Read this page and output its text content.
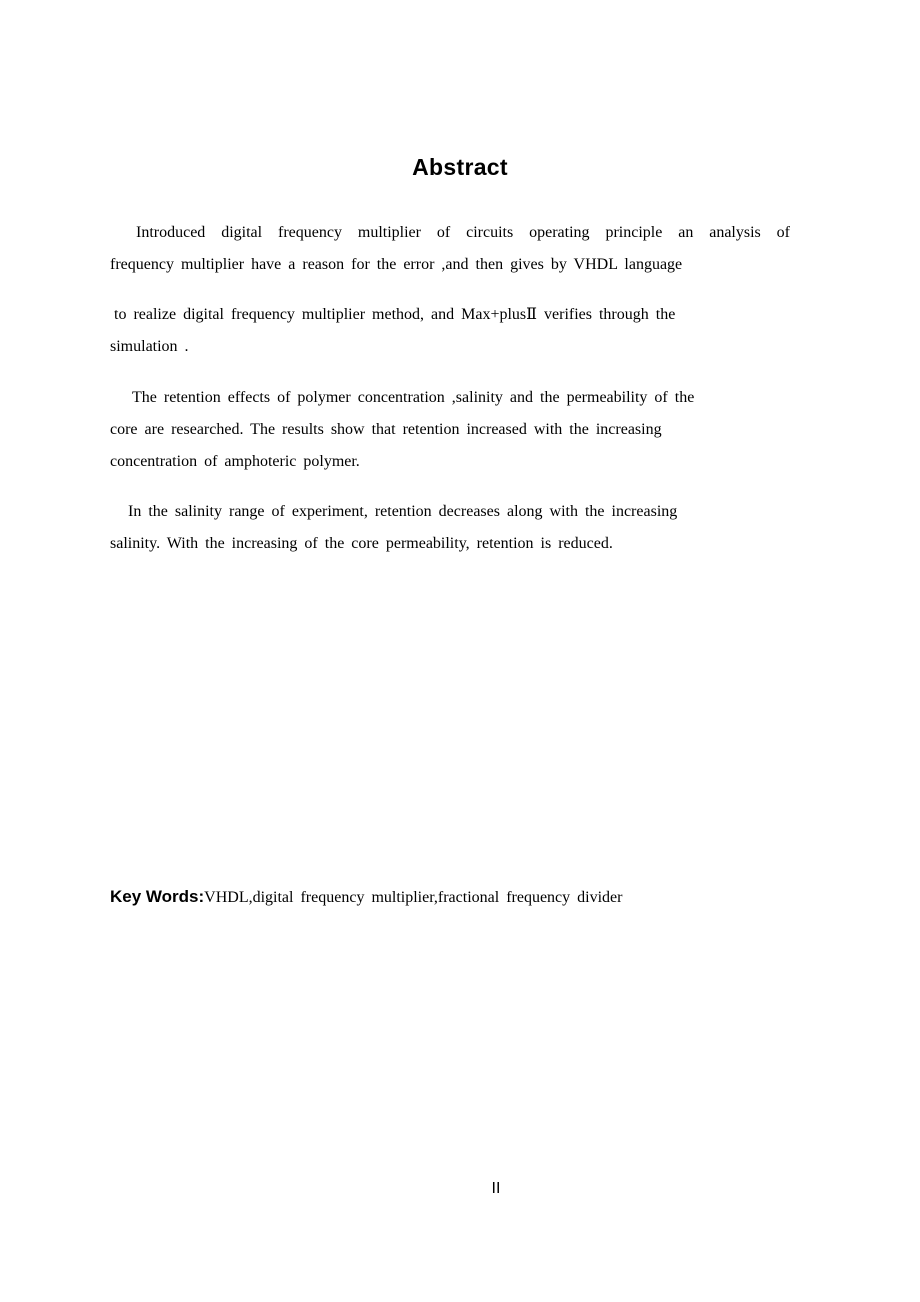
Abstract
Introduced digital frequency multiplier of circuits operating principle an analysis of
frequency multiplier have a reason for the error ,and then gives by VHDL language
to realize digital frequency multiplier method, and Max+plusⅡ verifies through the
simulation .
The retention effects of polymer concentration ,salinity and the permeability of the
core are researched. The results show that retention increased with the increasing
concentration of amphoteric polymer.
In the salinity range of experiment, retention decreases along with the increasing
salinity. With the increasing of the core permeability, retention is reduced.
Key Words:VHDL,digital frequency multiplier,fractional frequency divider
II
